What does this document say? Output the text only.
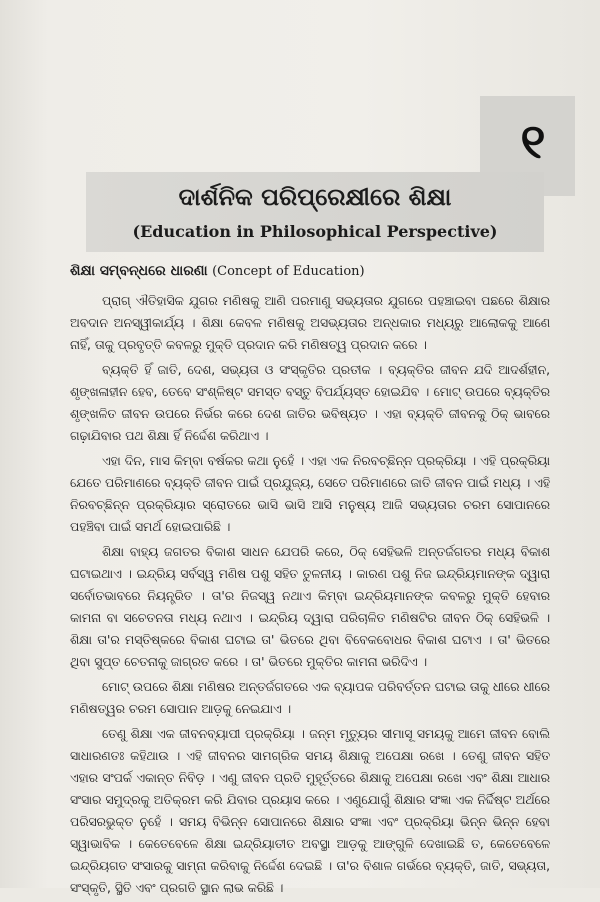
୧
ଦାର୍ଶନିକ ପରିପ୍ରେକ୍ଷୀରେ ଶିକ୍ଷା
(Education in Philosophical Perspective)
ଶିକ୍ଷା ସମ୍ବନ୍ଧରେ ଧାରଣା (Concept of Education)

ପ୍ରାଗ୍ ଐତିହାସିକ ଯୁଗର ମଣିଷକୁ ଆଣି ପରମାଣୁ ସଭ୍ୟତାର ଯୁଗରେ ପହଞ୍ଚାଇବା ପଛରେ ଶିକ୍ଷାର ଅବଦାନ ଅନସ୍ୱୀକାର୍ଯ୍ୟ । ଶିକ୍ଷା କେବଳ ମଣିଷକୁ ଅସଭ୍ୟତାର ଅନ୍ଧକାର ମଧ୍ୟରୁ ଆଲୋକକୁ ଆଣେ ନାହିଁ, ତାକୁ ପ୍ରବୃତ୍ତି କବଳରୁ ମୁକ୍ତି ପ୍ରଦାନ କରି ମଣିଷତ୍ୱ ପ୍ରଦାନ କରେ ।

ବ୍ୟକ୍ତି ହିଁ ଜାତି, ଦେଶ, ସଭ୍ୟତା ଓ ସଂସ୍କୃତିର ପ୍ରତୀକ । ବ୍ୟକ୍ତିର ଜୀବନ ଯଦି ଆଦର୍ଶହୀନ, ଶୃଙ୍ଖଳାହୀନ ହେବ, ତେବେ ସଂଶ୍ଳିଷ୍ଟ ସମସ୍ତ ବସ୍ତୁ ବିପର୍ଯ୍ୟସ୍ତ ହୋଇଯିବ । ମୋଟ୍ ଉପରେ ବ୍ୟକ୍ତିର ଶୃଙ୍ଖଳିତ ଜୀବନ ଉପରେ ନିର୍ଭର କରେ ଦେଶ ଜାତିର ଭବିଷ୍ୟତ । ଏହା ବ୍ୟକ୍ତି ଜୀବନକୁ ଠିକ୍ ଭାବରେ ଗଢ଼ାଯିବାର ପଥ ଶିକ୍ଷା ହିଁ ନିର୍ଦ୍ଦେଶ କରିଥାଏ ।

ଏହା ଦିନ, ମାସ କିମ୍ବା ବର୍ଷକର କଥା ନୁହେଁ । ଏହା ଏକ ନିରବଚ୍ଛିନ୍ନ ପ୍ରକ୍ରିୟା । ଏହି ପ୍ରକ୍ରିୟା ଯେତେ ପରିମାଣରେ ବ୍ୟକ୍ତି ଜୀବନ ପାଇଁ ପ୍ରଯୁଜ୍ୟ, ସେତେ ପରିମାଣରେ ଜାତି ଜୀବନ ପାଇଁ ମଧ୍ୟ । ଏହି ନିରବଚ୍ଛିନ୍ନ ପ୍ରକ୍ରିୟାର ସ୍ରୋତରେ ଭାସି ଭାସି ଆସି ମନୁଷ୍ୟ ଆଜି ସଭ୍ୟତାର ଚରମ ସୋପାନରେ ପହଞ୍ଚିବା ପାଇଁ ସମର୍ଥ ହୋଇପାରିଛି ।

ଶିକ୍ଷା ବାହ୍ୟ ଜଗତର ବିକାଶ ସାଧନ ଯେପରି କରେ, ଠିକ୍ ସେହିଭଳି ଅନ୍ତର୍ଜଗତର ମଧ୍ୟ ବିକାଶ ଘଟାଇଥାଏ । ଇନ୍ଦ୍ରିୟ ସର୍ବସ୍ୱ ମଣିଷ ପଶୁ ସହିତ ତୁଳନୀୟ । କାରଣ ପଶୁ ନିଜ ଇନ୍ଦ୍ରିୟମାନଙ୍କ ଦ୍ୱାରା ସର୍ବୋତଭାବରେ ନିୟନ୍ତ୍ରିତ । ତା'ର ନିଜସ୍ୱ ନଥାଏ କିମ୍ବା ଇନ୍ଦ୍ରିୟମାନଙ୍କ କବଳରୁ ମୁକ୍ତି ହେବାର କାମନା ବା ସଚେତନତା ମଧ୍ୟ ନଥାଏ । ଇନ୍ଦ୍ରିୟ ଦ୍ୱାରା ପରିଚାଳିତ ମଣିଷଟିର ଜୀବନ ଠିକ୍ ସେହିଭଳି । ଶିକ୍ଷା ତା'ର ମସ୍ତିଷ୍କରେ ବିକାଶ ଘଟାଇ ତା' ଭିତରେ ଥିବା ବିବେକବୋଧର ବିକାଶ ଘଟାଏ । ତା' ଭିତରେ ଥିବା ସୁପ୍ତ ଚେତନାକୁ ଜାଗ୍ରତ କରେ । ତା' ଭିତରେ ମୁକ୍ତିର କାମନା ଭରିଦିଏ ।

ମୋଟ୍ ଉପରେ ଶିକ୍ଷା ମଣିଷର ଅନ୍ତର୍ଜଗତରେ ଏକ ବ୍ୟାପକ ପରିବର୍ତ୍ତନ ଘଟାଇ ତାକୁ ଧୀରେ ଧୀରେ ମଣିଷତ୍ୱର ଚରମ ସୋପାନ ଆଡ଼କୁ ନେଇଯାଏ ।

ତେଣୁ ଶିକ୍ଷା ଏକ ଜୀବନବ୍ୟାପୀ ପ୍ରକ୍ରିୟା । ଜନ୍ମ ମୃତ୍ୟୁର ସୀମାସୂ ସମୟକୁ ଆମେ ଜୀବନ ବୋଲି ସାଧାରଣତଃ କହିଥାଉ । ଏହି ଜୀବନର ସାମଗ୍ରିକ ସମୟ ଶିକ୍ଷାକୁ ଅପେକ୍ଷା ରଖେ । ତେଣୁ ଜୀବନ ସହିତ ଏହାର ସଂପର୍କ ଏକାନ୍ତ ନିବିଡ଼ । ଏଣୁ ଜୀବନ ପ୍ରତି ମୁହୂର୍ତ୍ତରେ ଶିକ୍ଷାକୁ ଅପେକ୍ଷା ରଖେ ଏବଂ ଶିକ୍ଷା ଆଧାର ସଂସାର ସମୁଦ୍ରକୁ ଅତିକ୍ରମ କରି ଯିବାର ପ୍ରୟାସ କରେ । ଏଣୁଯୋଗୁଁ ଶିକ୍ଷାର ସଂଜ୍ଞା ଏକ ନିର୍ଦ୍ଦିଷ୍ଟ ଅର୍ଥରେ ପରିସରଭୁକ୍ତ ନୁହେଁ । ସମୟ ବିଭିନ୍ନ ସୋପାନରେ ଶିକ୍ଷାର ସଂଜ୍ଞା ଏବଂ ପ୍ରକ୍ରିୟା ଭିନ୍ନ ଭିନ୍ନ ହେବା ସ୍ୱାଭାବିକ । କେତେବେଳେ ଶିକ୍ଷା ଇନ୍ଦ୍ରିୟାତୀତ ଅବସ୍ଥା ଆଡ଼କୁ ଆଙ୍ଗୁଳି ଦେଖାଇଛି ତ, କେତେବେଳେ ଇନ୍ଦ୍ରିୟଗତ ସଂସାରକୁ ସାମ୍ନା କରିବାକୁ ନିର୍ଦ୍ଦେଶ ଦେଇଛି । ତା'ର ବିଶାଳ ଗର୍ଭରେ ବ୍ୟକ୍ତି, ଜାତି, ସଭ୍ୟତା, ସଂସ୍କୃତି, ସ୍ଥିତି ଏବଂ ପ୍ରଗତି ସ୍ଥାନ ଲାଭ କରିଛି ।
